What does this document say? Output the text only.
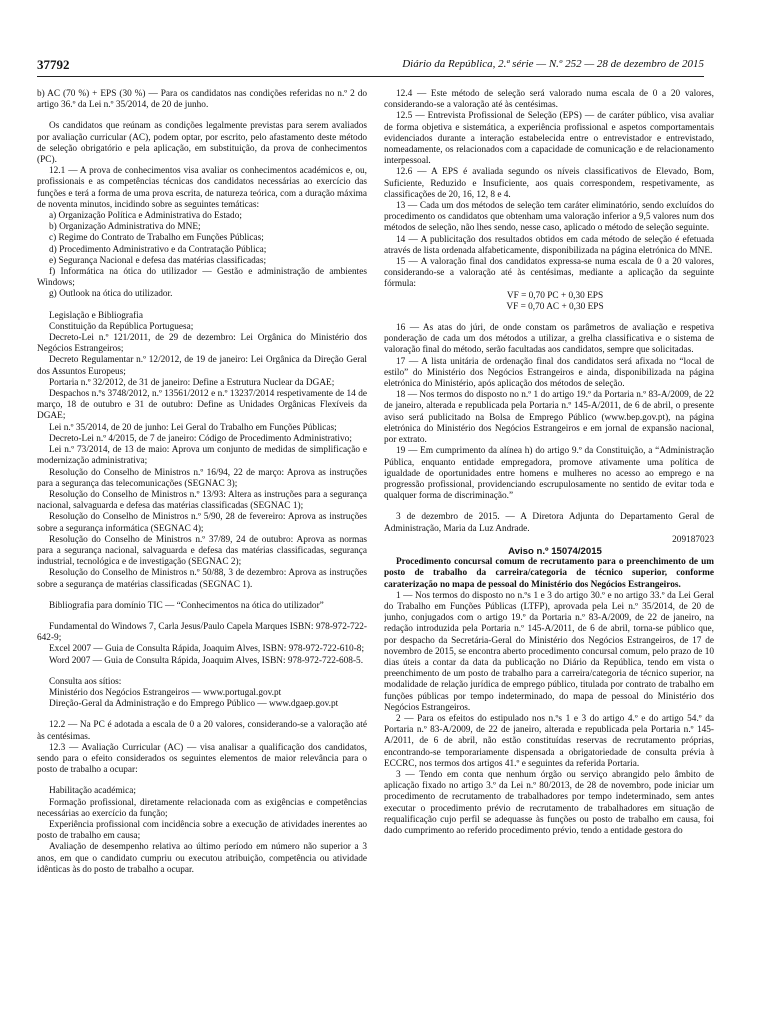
37792	Diário da República, 2.ª série — N.º 252 — 28 de dezembro de 2015

b) AC (70 %) + EPS (30 %) — Para os candidatos nas condições referidas no n.º 2 do artigo 36.º da Lei n.º 35/2014, de 20 de junho.

Os candidatos que reúnam as condições legalmente previstas para serem avaliados por avaliação curricular (AC), podem optar, por escrito, pelo afastamento deste método de seleção obrigatório e pela aplicação, em substituição, da prova de conhecimentos (PC).

12.1 — A prova de conhecimentos visa avaliar os conhecimentos académicos e, ou, profissionais e as competências técnicas dos candidatos necessárias ao exercício das funções e terá a forma de uma prova escrita, de natureza teórica, com a duração máxima de noventa minutos, incidindo sobre as seguintes temáticas:

a) Organização Política e Administrativa do Estado;

b) Organização Administrativa do MNE;

c) Regime do Contrato de Trabalho em Funções Públicas;

d) Procedimento Administrativo e da Contratação Pública;

e) Segurança Nacional e defesa das matérias classificadas;

f) Informática na ótica do utilizador — Gestão e administração de ambientes Windows;

g) Outlook na ótica do utilizador.

Legislação e Bibliografia

Constituição da República Portuguesa;

Decreto-Lei n.º 121/2011, de 29 de dezembro: Lei Orgânica do Ministério dos Negócios Estrangeiros;

Decreto Regulamentar n.º 12/2012, de 19 de janeiro: Lei Orgânica da Direção Geral dos Assuntos Europeus;

Portaria n.º 32/2012, de 31 de janeiro: Define a Estrutura Nuclear da DGAE;

Despachos n.ºs 3748/2012, n.º 13561/2012 e n.º 13237/2014 respetivamente de 14 de março, 18 de outubro e 31 de outubro: Define as Unidades Orgânicas Flexíveis da DGAE;

Lei n.º 35/2014, de 20 de junho: Lei Geral do Trabalho em Funções Públicas;

Decreto-Lei n.º 4/2015, de 7 de janeiro: Código de Procedimento Administrativo;

Lei n.º 73/2014, de 13 de maio: Aprova um conjunto de medidas de simplificação e modernização administrativa;

Resolução do Conselho de Ministros n.º 16/94, 22 de março: Aprova as instruções para a segurança das telecomunicações (SEGNAC 3);

Resolução do Conselho de Ministros n.º 13/93: Altera as instruções para a segurança nacional, salvaguarda e defesa das matérias classificadas (SEGNAC 1);

Resolução do Conselho de Ministros n.º 5/90, 28 de fevereiro: Aprova as instruções sobre a segurança informática (SEGNAC 4);

Resolução do Conselho de Ministros n.º 37/89, 24 de outubro: Aprova as normas para a segurança nacional, salvaguarda e defesa das matérias classificadas, segurança industrial, tecnológica e de investigação (SEGNAC 2);

Resolução do Conselho de Ministros n.º 50/88, 3 de dezembro: Aprova as instruções sobre a segurança de matérias classificadas (SEGNAC 1).

Bibliografia para domínio TIC — “Conhecimentos na ótica do utilizador”

Fundamental do Windows 7, Carla Jesus/Paulo Capela Marques ISBN: 978-972-722-642-9;

Excel 2007 — Guia de Consulta Rápida, Joaquim Alves, ISBN: 978-972-722-610-8;

Word 2007 — Guia de Consulta Rápida, Joaquim Alves, ISBN: 978-972-722-608-5.

Consulta aos sítios:

Ministério dos Negócios Estrangeiros — www.portugal.gov.pt

Direção-Geral da Administração e do Emprego Público — www.dgaep.gov.pt

12.2 — Na PC é adotada a escala de 0 a 20 valores, considerando-se a valoração até às centésimas.

12.3 — Avaliação Curricular (AC) — visa analisar a qualificação dos candidatos, sendo para o efeito considerados os seguintes elementos de maior relevância para o posto de trabalho a ocupar:

Habilitação académica;

Formação profissional, diretamente relacionada com as exigências e competências necessárias ao exercício da função;

Experiência profissional com incidência sobre a execução de atividades inerentes ao posto de trabalho em causa;

Avaliação de desempenho relativa ao último período em número não superior a 3 anos, em que o candidato cumpriu ou executou atribuição, competência ou atividade idênticas às do posto de trabalho a ocupar.

12.4 — Este método de seleção será valorado numa escala de 0 a 20 valores, considerando-se a valoração até às centésimas.

12.5 — Entrevista Profissional de Seleção (EPS) — de caráter público, visa avaliar de forma objetiva e sistemática, a experiência profissional e aspetos comportamentais evidenciados durante a interação estabelecida entre o entrevistador e entrevistado, nomeadamente, os relacionados com a capacidade de comunicação e de relacionamento interpessoal.

12.6 — A EPS é avaliada segundo os níveis classificativos de Elevado, Bom, Suficiente, Reduzido e Insuficiente, aos quais correspondem, respetivamente, as classificações de 20, 16, 12, 8 e 4.

13 — Cada um dos métodos de seleção tem caráter eliminatório, sendo excluídos do procedimento os candidatos que obtenham uma valoração inferior a 9,5 valores num dos métodos de seleção, não lhes sendo, nesse caso, aplicado o método de seleção seguinte.

14 — A publicitação dos resultados obtidos em cada método de seleção é efetuada através de lista ordenada alfabeticamente, disponibilizada na página eletrónica do MNE.

15 — A valoração final dos candidatos expressa-se numa escala de 0 a 20 valores, considerando-se a valoração até às centésimas, mediante a aplicação da seguinte fórmula:

VF = 0,70 PC + 0,30 EPS

VF = 0,70 AC + 0,30 EPS

16 — As atas do júri, de onde constam os parâmetros de avaliação e respetiva ponderação de cada um dos métodos a utilizar, a grelha classificativa e o sistema de valoração final do método, serão facultadas aos candidatos, sempre que solicitadas.

17 — A lista unitária de ordenação final dos candidatos será afixada no “local de estilo” do Ministério dos Negócios Estrangeiros e ainda, disponibilizada na página eletrónica do Ministério, após aplicação dos métodos de seleção.

18 — Nos termos do disposto no n.º 1 do artigo 19.º da Portaria n.º 83-A/2009, de 22 de janeiro, alterada e republicada pela Portaria n.º 145-A/2011, de 6 de abril, o presente aviso será publicitado na Bolsa de Emprego Público (www.bep.gov.pt), na página eletrónica do Ministério dos Negócios Estrangeiros e em jornal de expansão nacional, por extrato.

19 — Em cumprimento da alínea h) do artigo 9.º da Constituição, a “Administração Pública, enquanto entidade empregadora, promove ativamente uma política de igualdade de oportunidades entre homens e mulheres no acesso ao emprego e na progressão profissional, providenciando escrupulosamente no sentido de evitar toda e qualquer forma de discriminação.”

3 de dezembro de 2015. — A Diretora Adjunta do Departamento Geral de Administração, Maria da Luz Andrade.

209187023

Aviso n.º 15074/2015

Procedimento concursal comum de recrutamento para o preenchimento de um posto de trabalho da carreira/categoria de técnico superior, conforme caraterização no mapa de pessoal do Ministério dos Negócios Estrangeiros.

1 — Nos termos do disposto no n.ºs 1 e 3 do artigo 30.º e no artigo 33.º da Lei Geral do Trabalho em Funções Públicas (LTFP), aprovada pela Lei n.º 35/2014, de 20 de junho, conjugados com o artigo 19.º da Portaria n.º 83-A/2009, de 22 de janeiro, na redação introduzida pela Portaria n.º 145-A/2011, de 6 de abril, torna-se público que, por despacho da Secretária-Geral do Ministério dos Negócios Estrangeiros, de 17 de novembro de 2015, se encontra aberto procedimento concursal comum, pelo prazo de 10 dias úteis a contar da data da publicação no Diário da República, tendo em vista o preenchimento de um posto de trabalho para a carreira/categoria de técnico superior, na modalidade de relação jurídica de emprego público, titulada por contrato de trabalho em funções públicas por tempo indeterminado, do mapa de pessoal do Ministério dos Negócios Estrangeiros.

2 — Para os efeitos do estipulado nos n.ºs 1 e 3 do artigo 4.º e do artigo 54.º da Portaria n.º 83-A/2009, de 22 de janeiro, alterada e republicada pela Portaria n.º 145-A/2011, de 6 de abril, não estão constituídas reservas de recrutamento próprias, encontrando-se temporariamente dispensada a obrigatoriedade de consulta prévia à ECCRC, nos termos dos artigos 41.º e seguintes da referida Portaria.

3 — Tendo em conta que nenhum órgão ou serviço abrangido pelo âmbito de aplicação fixado no artigo 3.º da Lei n.º 80/2013, de 28 de novembro, pode iniciar um procedimento de recrutamento de trabalhadores por tempo indeterminado, sem antes executar o procedimento prévio de recrutamento de trabalhadores em situação de requalificação cujo perfil se adequasse às funções ou posto de trabalho em causa, foi dado cumprimento ao referido procedimento prévio, tendo a entidade gestora do
